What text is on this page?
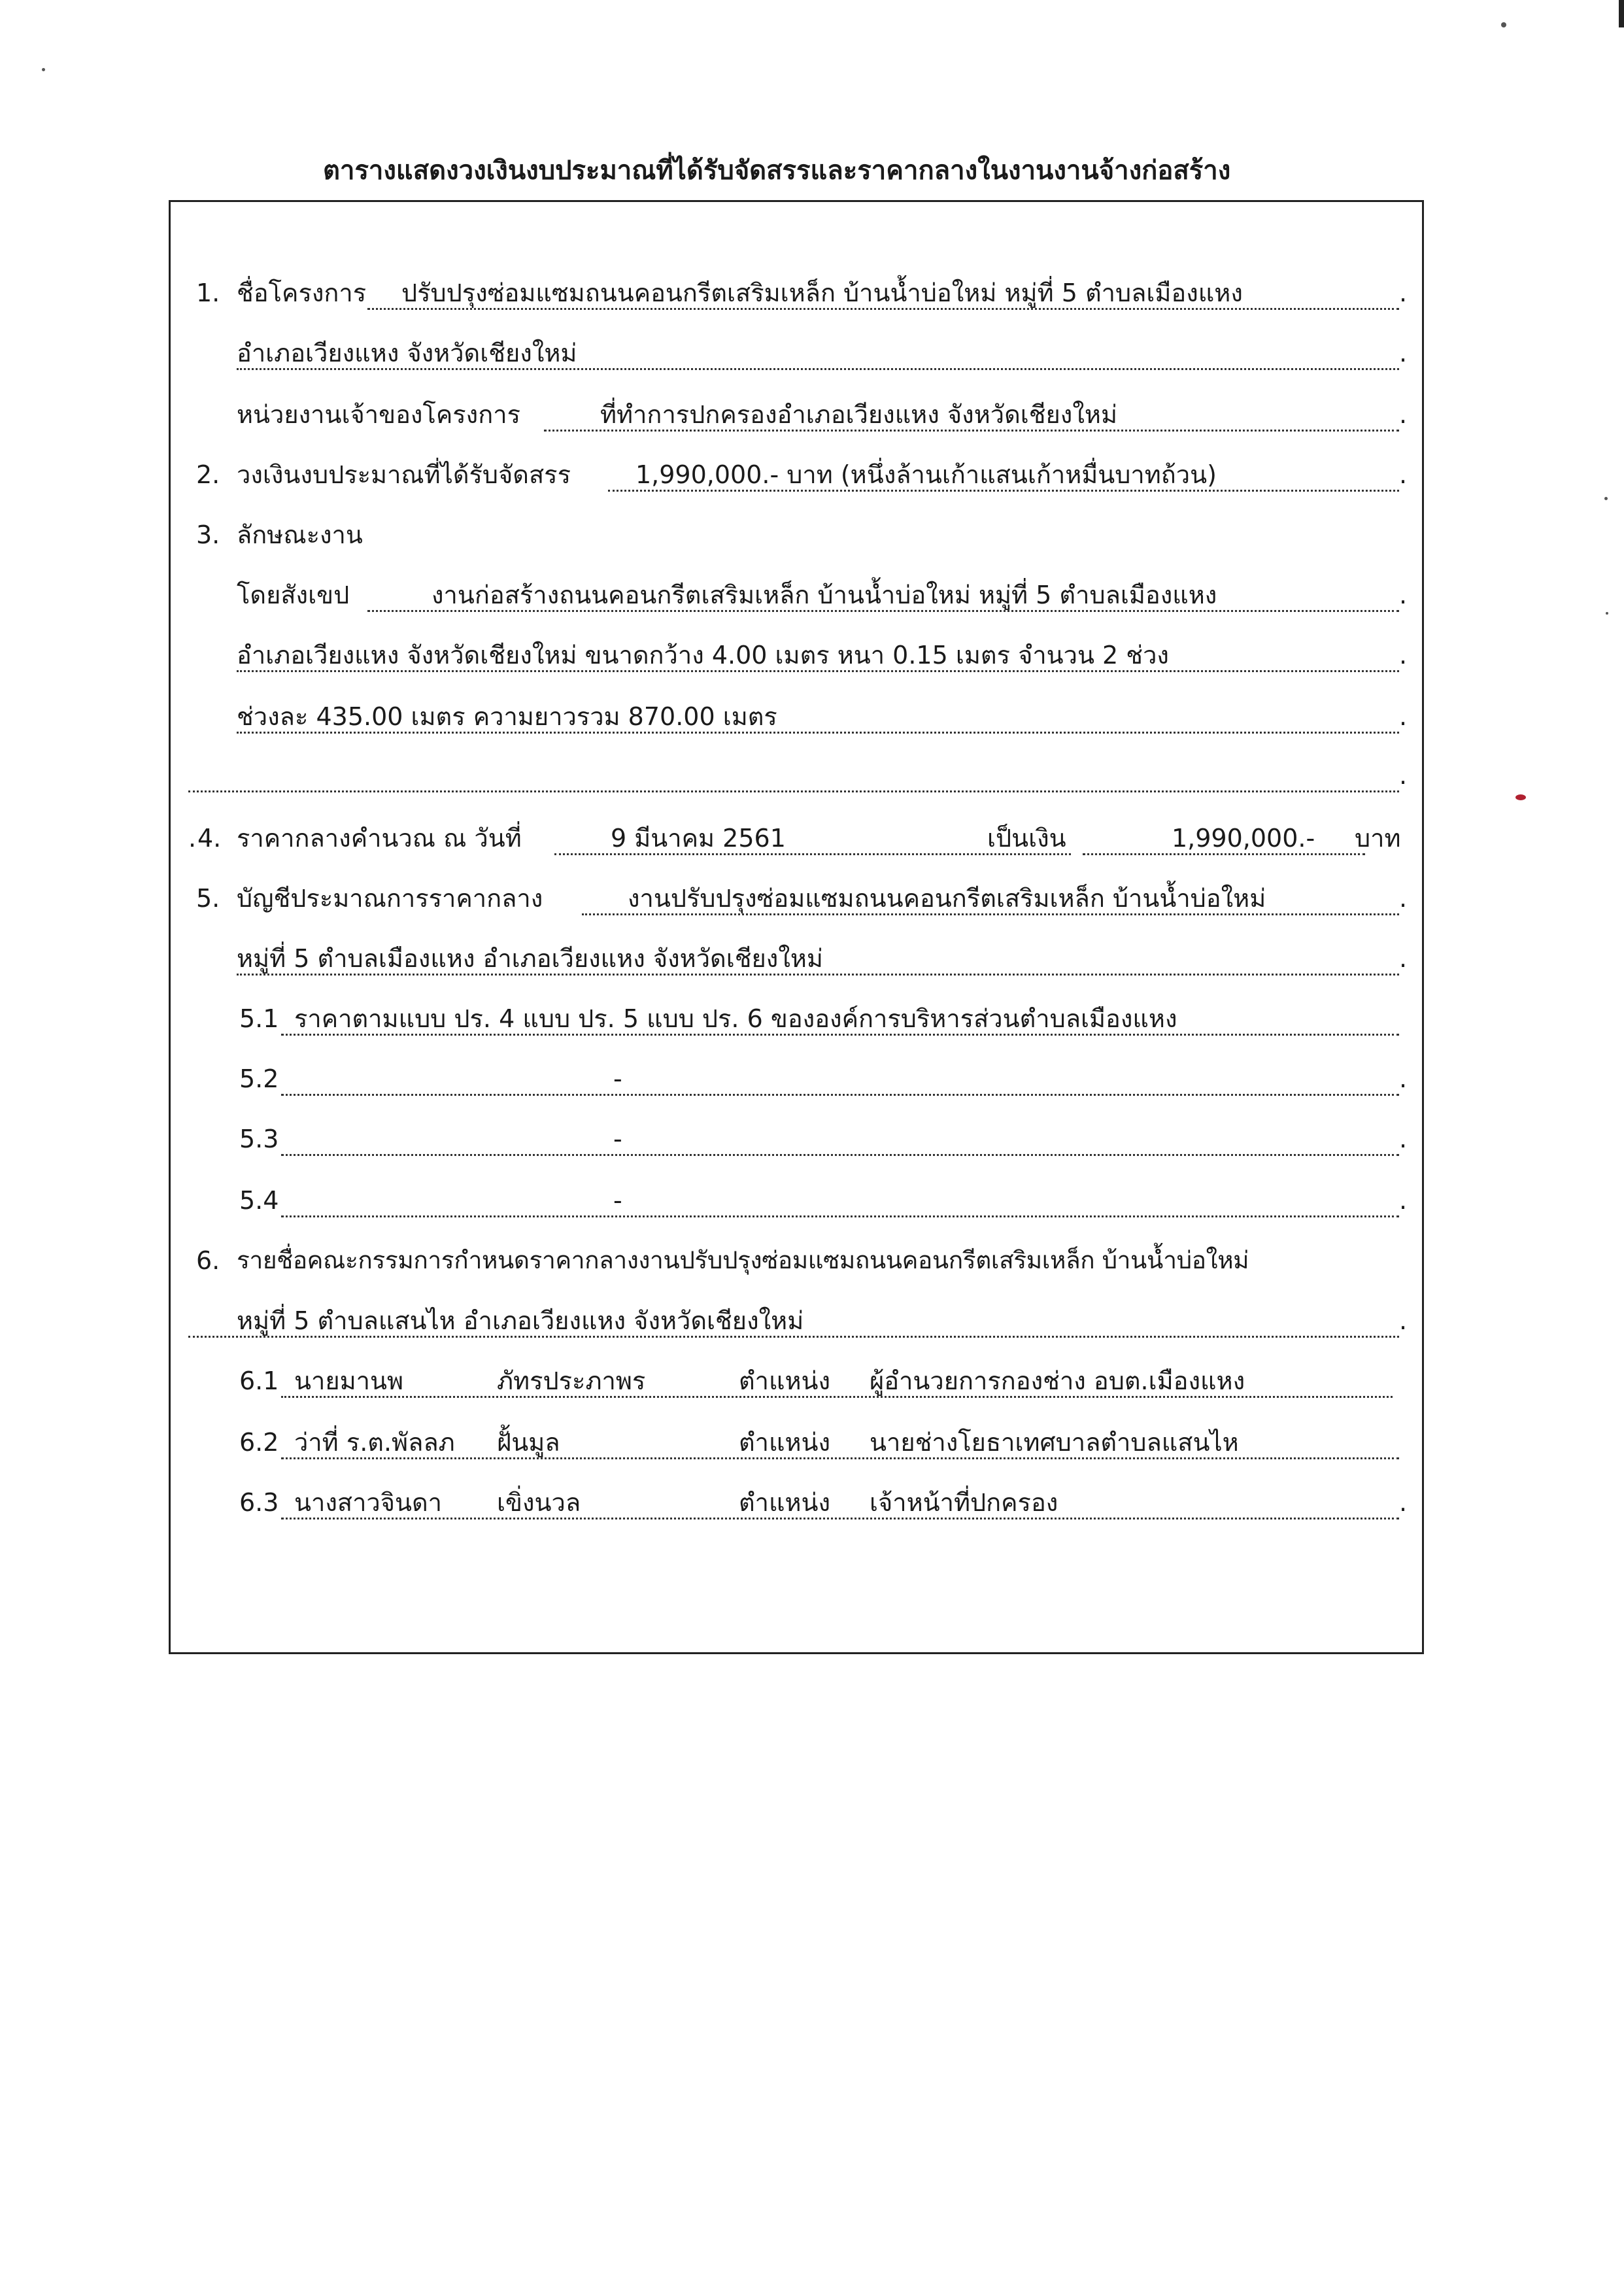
ตารางแสดงวงเงินงบประมาณที่ได้รับจัดสรรและราคากลางในงานงานจ้างก่อสร้าง
1. ชื่อโครงการ ปรับปรุงซ่อมแซมถนนคอนกรีตเสริมเหล็ก บ้านน้ำบ่อใหม่ หมู่ที่ 5 ตำบลเมืองแหง	.
อำเภอเวียงแหง จังหวัดเชียงใหม่	.
หน่วยงานเจ้าของโครงการ	ที่ทำการปกครองอำเภอเวียงแหง จังหวัดเชียงใหม่	.
2. วงเงินงบประมาณที่ได้รับจัดสรร	1,990,000.- บาท (หนึ่งล้านเก้าแสนเก้าหมื่นบาทถ้วน)	.
3. ลักษณะงาน
โดยสังเขป	งานก่อสร้างถนนคอนกรีตเสริมเหล็ก บ้านน้ำบ่อใหม่ หมู่ที่ 5 ตำบลเมืองแหง	.
อำเภอเวียงแหง จังหวัดเชียงใหม่ ขนาดกว้าง 4.00 เมตร หนา 0.15 เมตร จำนวน 2 ช่วง	.
ช่วงละ 435.00 เมตร ความยาวรวม 870.00 เมตร	.
.
. 4. ราคากลางคำนวณ ณ วันที่	9 มีนาคม 2561	เป็นเงิน	1,990,000.- บาท
5. บัญชีประมาณการราคากลาง	งานปรับปรุงซ่อมแซมถนนคอนกรีตเสริมเหล็ก บ้านน้ำบ่อใหม่	.
หมู่ที่ 5 ตำบลเมืองแหง อำเภอเวียงแหง จังหวัดเชียงใหม่	.
5.1 ราคาตามแบบ ปร. 4 แบบ ปร. 5 แบบ ปร. 6 ขององค์การบริหารส่วนตำบลเมืองแหง
5.2	-	.
5.3	-	.
5.4	-	.
6. รายชื่อคณะกรรมการกำหนดราคากลางงานปรับปรุงซ่อมแซมถนนคอนกรีตเสริมเหล็ก บ้านน้ำบ่อใหม่
หมู่ที่ 5 ตำบลแสนไห อำเภอเวียงแหง จังหวัดเชียงใหม่	.
6.1 นายมานพ	ภัทรประภาพร	ตำแหน่ง ผู้อำนวยการกองช่าง อบต.เมืองแหง
6.2 ว่าที่ ร.ต.พัลลภ ฝั้นมูล	ตำแหน่ง นายช่างโยธาเทศบาลตำบลแสนไห
6.3 นางสาวจินดา เขิ่งนวล	ตำแหน่ง เจ้าหน้าที่ปกครอง	.
